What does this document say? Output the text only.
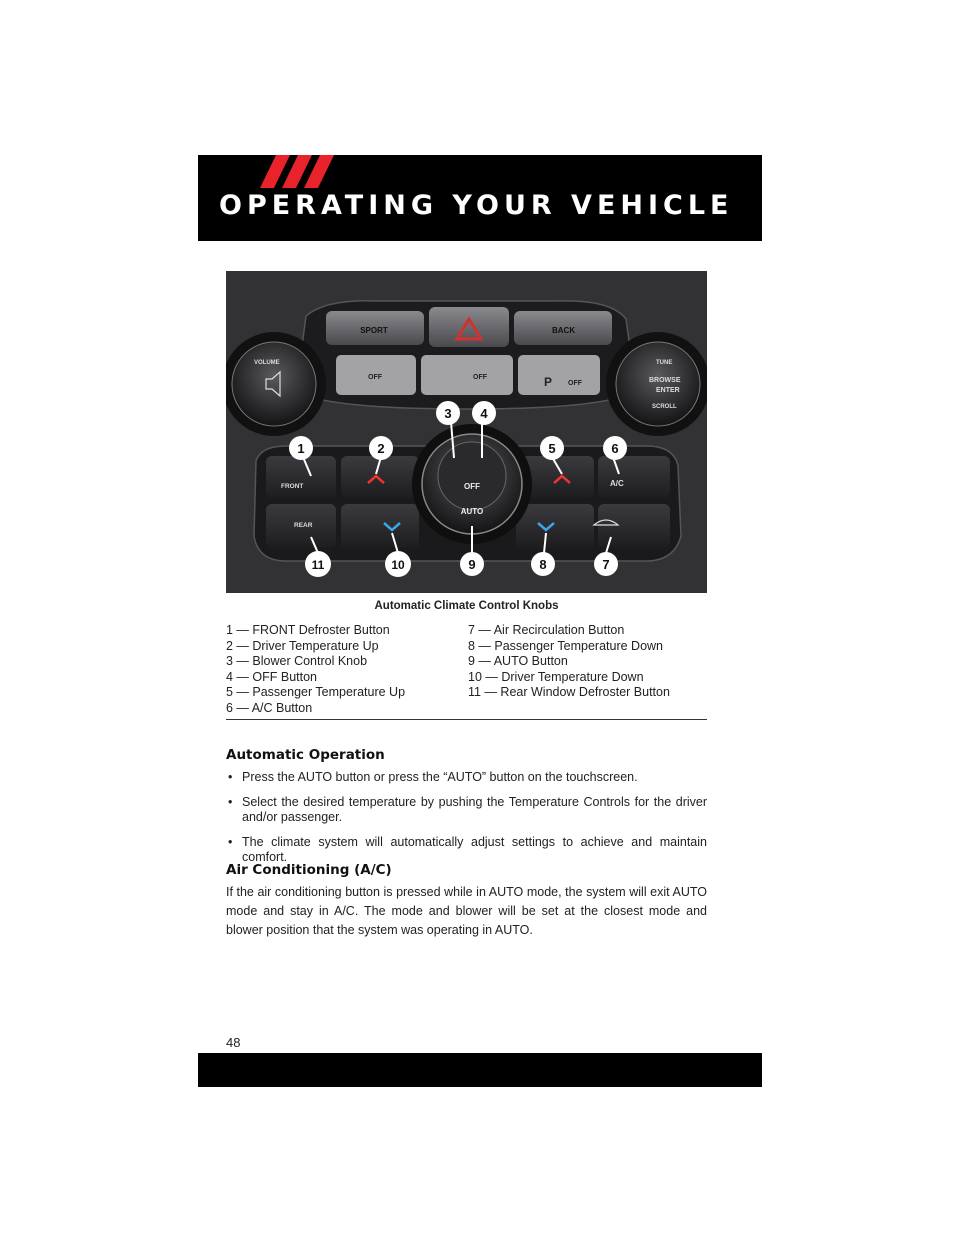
OPERATING YOUR VEHICLE
SPORT	BACK
OFF	OFF	P OFF
VOLUME	TUNE
BROWSE
ENTER
SCROLL
FRONT	A/C
REAR
OFF
AUTO
1	2
3 4
5	6
7
8
9
10
11
Automatic Climate Control Knobs
1 — FRONT Defroster Button
2 — Driver Temperature Up
3 — Blower Control Knob
4 — OFF Button
5 — Passenger Temperature Up
6 — A/C Button
7 — Air Recirculation Button
8 — Passenger Temperature Down
9 — AUTO Button
10 — Driver Temperature Down
11 — Rear Window Defroster Button
Automatic Operation
• Press the AUTO button or press the “AUTO” button on the touchscreen.
• Select the desired temperature by pushing the Temperature Controls for the driver and/or passenger.
• The climate system will automatically adjust settings to achieve and maintain comfort.
Air Conditioning (A/C)
If the air conditioning button is pressed while in AUTO mode, the system will exit AUTO mode and stay in A/C. The mode and blower will be set at the closest mode and blower position that the system was operating in AUTO.
48
